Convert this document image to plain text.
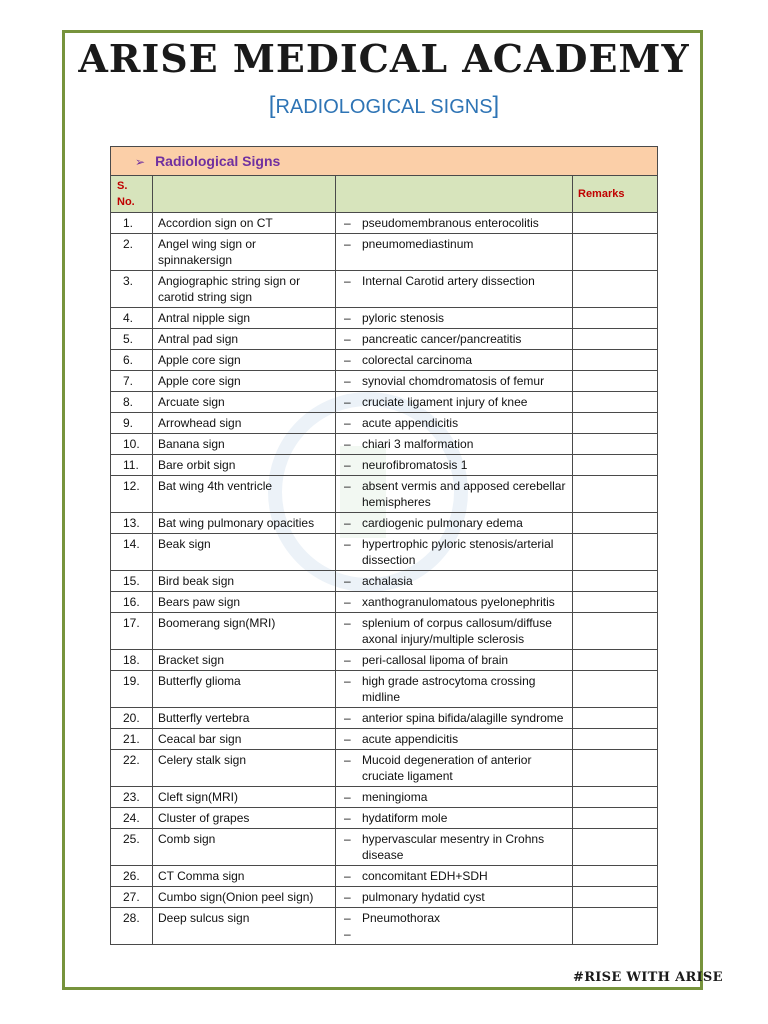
ARISE MEDICAL ACADEMY
[RADIOLOGICAL SIGNS]
➢ Radiological Signs			
S. No.			Remarks
1.	Accordion sign on CT	– pseudomembranous enterocolitis	

2.	Angel wing sign or spinnakersign	– pneumomediastinum	

3.	Angiographic string sign or carotid string sign	– Internal Carotid artery dissection	

4.	Antral nipple sign	– pyloric stenosis	

5.	Antral pad sign	– pancreatic cancer/pancreatitis	

6.	Apple core sign	– colorectal carcinoma	

7.	Apple core sign	– synovial chomdromatosis of femur	

8.	Arcuate sign	– cruciate ligament injury of knee	

9.	Arrowhead sign	– acute appendicitis	

10.	Banana sign	– chiari 3 malformation	

11.	Bare orbit sign	– neurofibromatosis 1	

12.	Bat wing 4th ventricle	– absent vermis and apposed cerebellar hemispheres	

13.	Bat wing pulmonary opacities	– cardiogenic pulmonary edema	

14.	Beak sign	– hypertrophic pyloric stenosis/arterial dissection	

15.	Bird beak sign	– achalasia	

16.	Bears paw sign	– xanthogranulomatous pyelonephritis	

17.	Boomerang sign(MRI)	– splenium of corpus callosum/diffuse axonal injury/multiple sclerosis	

18.	Bracket sign	– peri-callosal lipoma of brain	

19.	Butterfly glioma	– high grade astrocytoma crossing midline	

20.	Butterfly vertebra	– anterior spina bifida/alagille syndrome	

21.	Ceacal bar sign	– acute appendicitis	

22.	Celery stalk sign	– Mucoid degeneration of anterior cruciate ligament	

23.	Cleft sign(MRI)	– meningioma	

24.	Cluster of grapes	– hydatiform mole	

25.	Comb sign	– hypervascular mesentry in Crohns disease	

26.	CT Comma sign	– concomitant EDH+SDH	

27.	Cumbo sign(Onion peel sign)	– pulmonary hydatid cyst	

28.	Deep sulcus sign	– Pneumothorax
–	

#RISE WITH ARISE
